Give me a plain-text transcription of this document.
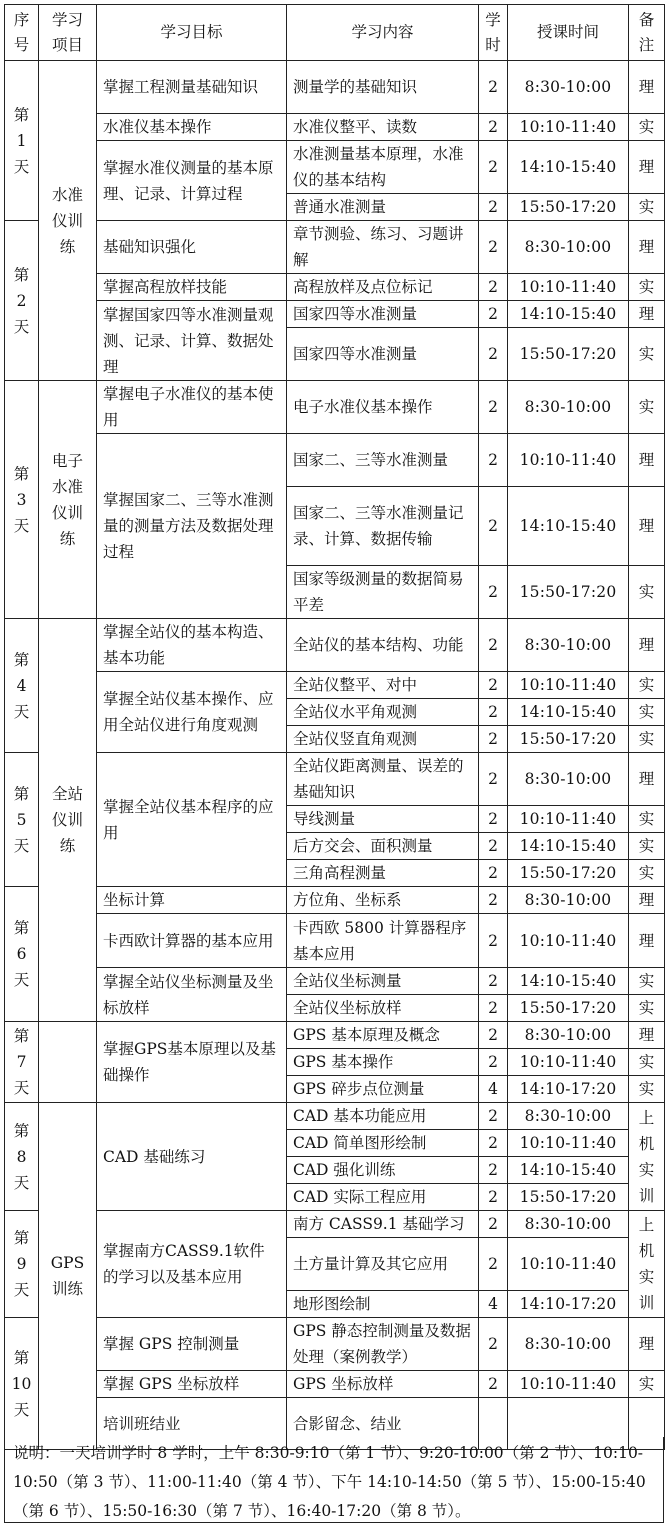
序号	学习项目	学习目标	学习内容	学时	授课时间	备注
第1天	水准仪训练	掌握工程测量基础知识	测量学的基础知识	2	8:30-10:00	理
		水准仪基本操作	水准仪整平、读数	2	10:10-11:40	实
		掌握水准仪测量的基本原理、记录、计算过程	水准测量基本原理，水准仪的基本结构	2	14:10-15:40	理
			普通水准测量	2	15:50-17:20	实
第2天		基础知识强化	章节测验、练习、习题讲解	2	8:30-10:00	理
		掌握高程放样技能	高程放样及点位标记	2	10:10-11:40	实
		掌握国家四等水准测量观测、记录、计算、数据处理	国家四等水准测量	2	14:10-15:40	理
			国家四等水准测量	2	15:50-17:20	实
第3天	电子水准仪训练	掌握电子水准仪的基本使用	电子水准仪基本操作	2	8:30-10:00	实
		掌握国家二、三等水准测量的测量方法及数据处理过程	国家二、三等水准测量	2	10:10-11:40	理
			国家二、三等水准测量记录、计算、数据传输	2	14:10-15:40	理
			国家等级测量的数据简易平差	2	15:50-17:20	实
第4天	全站仪训练	掌握全站仪的基本构造、基本功能	全站仪的基本结构、功能	2	8:30-10:00	理
		掌握全站仪基本操作、应用全站仪进行角度观测	全站仪整平、对中	2	10:10-11:40	实
			全站仪水平角观测	2	14:10-15:40	实
			全站仪竖直角观测	2	15:50-17:20	实
第5天		掌握全站仪基本程序的应用	全站仪距离测量、误差的基础知识	2	8:30-10:00	理
			导线测量	2	10:10-11:40	实
			后方交会、面积测量	2	14:10-15:40	实
			三角高程测量	2	15:50-17:20	实
第6天		坐标计算	方位角、坐标系	2	8:30-10:00	理
		卡西欧计算器的基本应用	卡西欧 5800 计算器程序基本应用	2	10:10-11:40	理
		掌握全站仪坐标测量及坐标放样	全站仪坐标测量	2	14:10-15:40	实
			全站仪坐标放样	2	15:50-17:20	实
第7天		掌握GPS基本原理以及基础操作	GPS 基本原理及概念	2	8:30-10:00	理
			GPS 基本操作	2	10:10-11:40	实
			GPS 碎步点位测量	4	14:10-17:20	实
第8天	GPS训练	CAD 基础练习	CAD 基本功能应用	2	8:30-10:00	上机实训
			CAD 简单图形绘制	2	10:10-11:40	
			CAD 强化训练	2	14:10-15:40	
			CAD 实际工程应用	2	15:50-17:20	
第9天		掌握南方CASS9.1软件的学习以及基本应用	南方 CASS9.1 基础学习	2	8:30-10:00	上机实训
			土方量计算及其它应用	2	10:10-11:40	
			地形图绘制	4	14:10-17:20	
第10天		掌握 GPS 控制测量	GPS 静态控制测量及数据处理（案例教学）	2	8:30-10:00	理
		掌握 GPS 坐标放样	GPS 坐标放样	2	10:10-11:40	实
		培训班结业	合影留念、结业			
说明：一天培训学时 8 学时，上午 8:30-9:10（第 1 节）、9:20-10:00（第 2 节）、10:10-10:50（第 3 节）、11:00-11:40（第 4 节）、下午 14:10-14:50（第 5 节）、15:00-15:40（第 6 节）、15:50-16:30（第 7 节）、16:40-17:20（第 8 节）。
